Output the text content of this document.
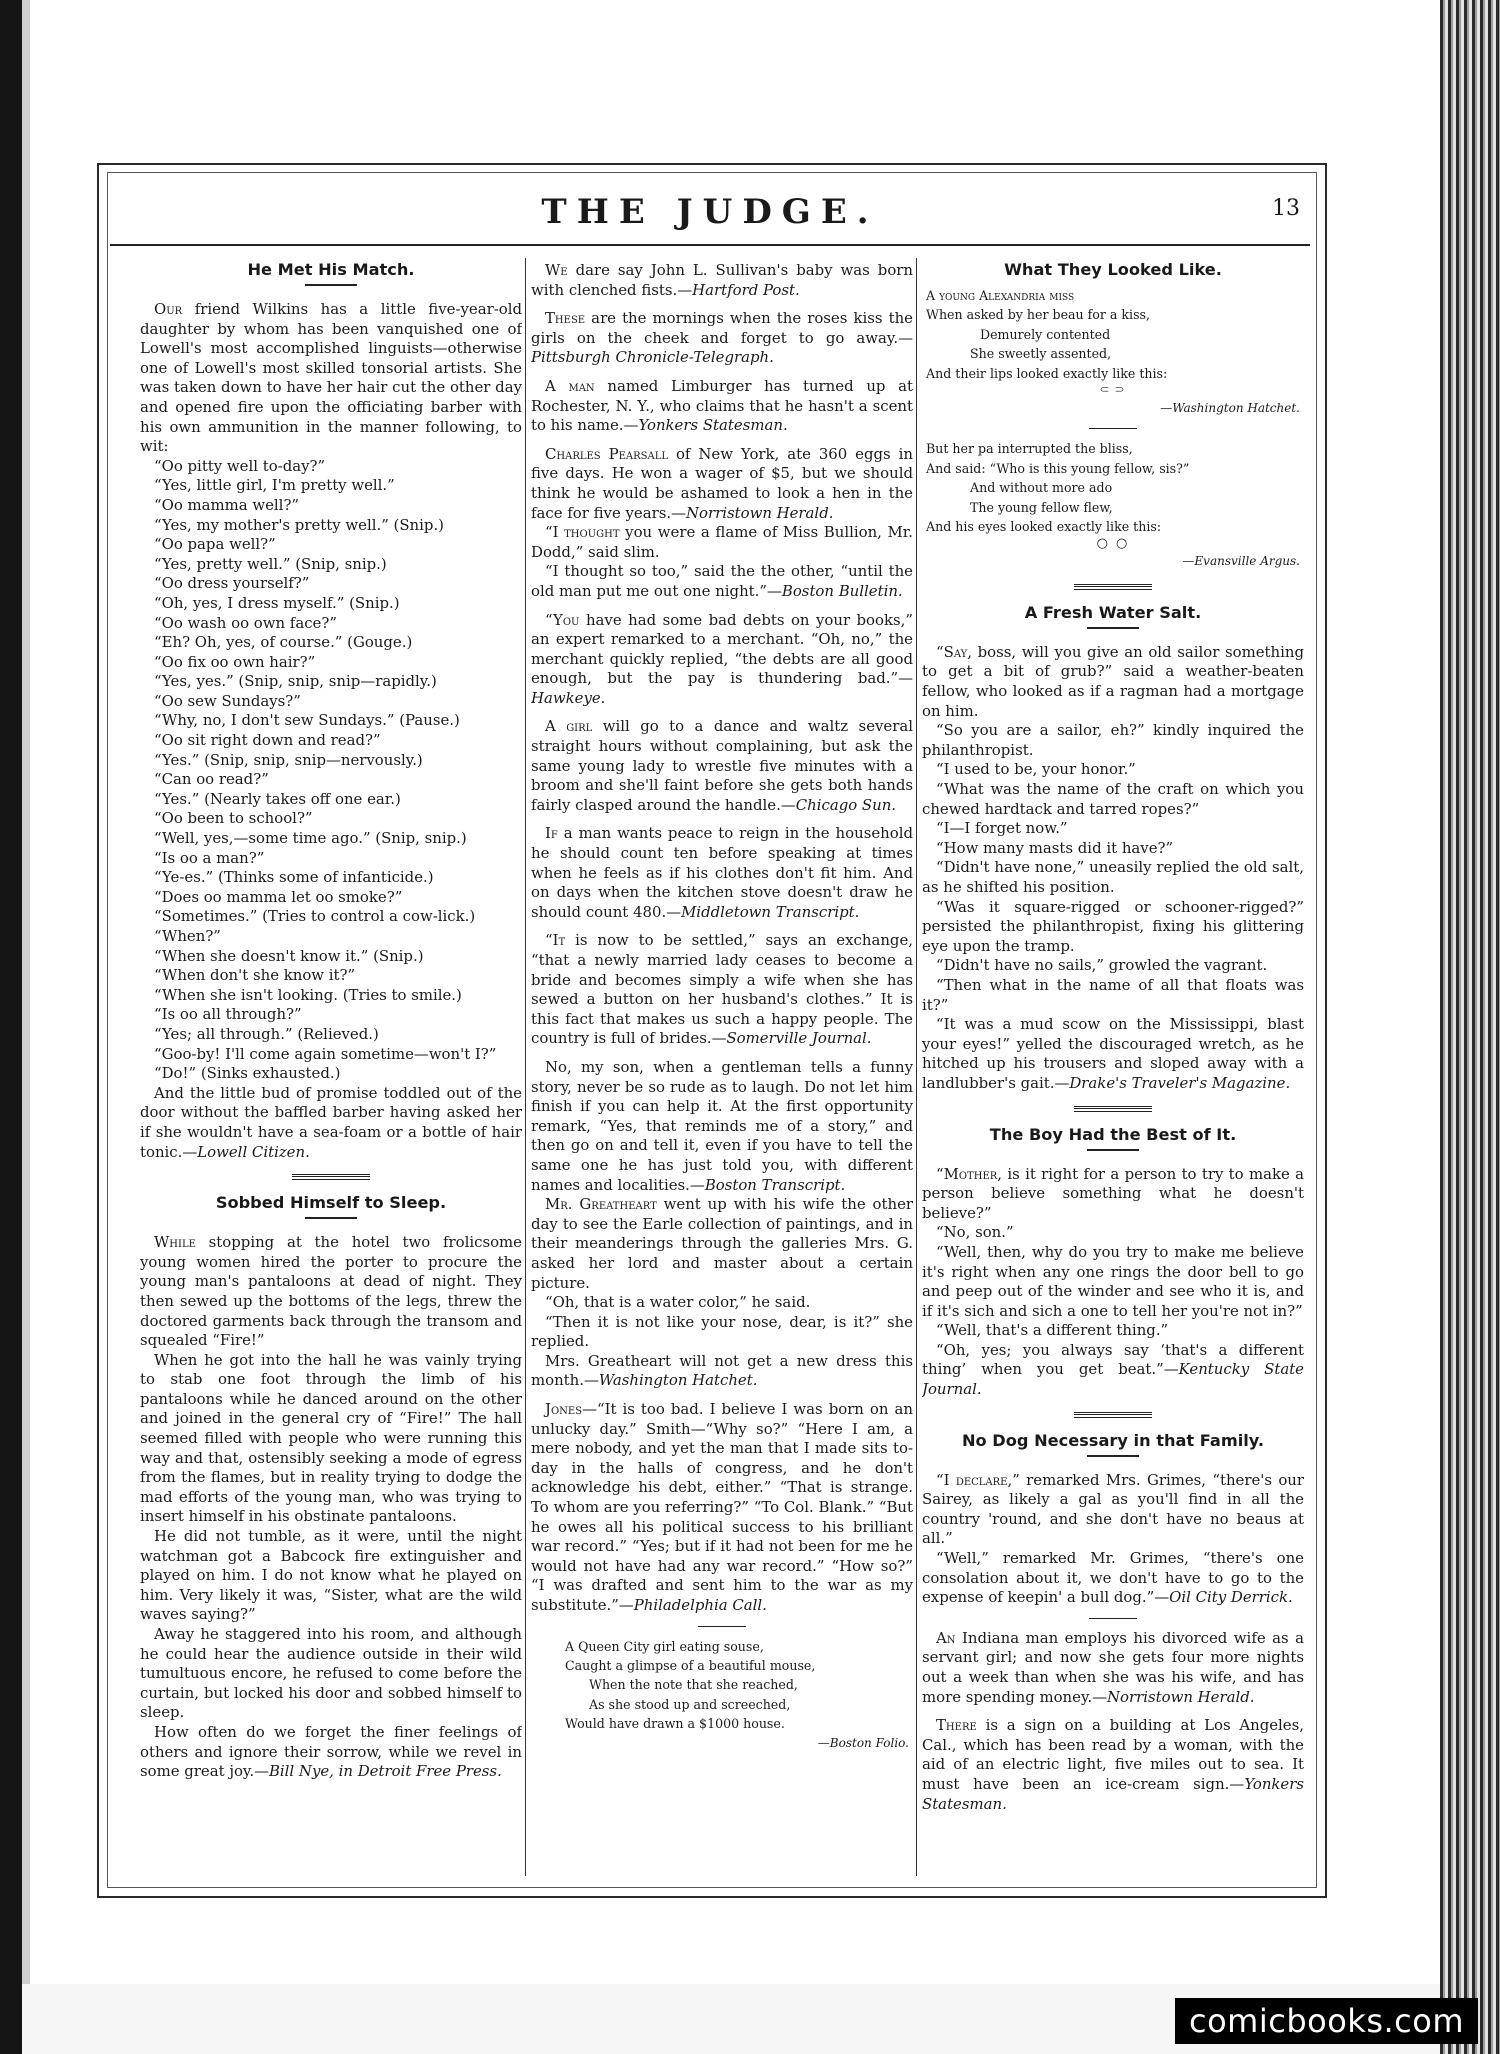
THE JUDGE.	13
He Met His Match.

Our friend Wilkins has a little five-year-old daughter by whom has been vanquished one of Lowell's most accomplished linguists—otherwise one of Lowell's most skilled tonsorial artists. She was taken down to have her hair cut the other day and opened fire upon the officiating barber with his own ammunition in the manner following, to wit:

“Oo pitty well to-day?”

“Yes, little girl, I'm pretty well.”

“Oo mamma well?”

“Yes, my mother's pretty well.” (Snip.)

“Oo papa well?”

“Yes, pretty well.” (Snip, snip.)

“Oo dress yourself?”

“Oh, yes, I dress myself.” (Snip.)

“Oo wash oo own face?”

“Eh? Oh, yes, of course.” (Gouge.)

“Oo fix oo own hair?”

“Yes, yes.” (Snip, snip, snip—rapidly.)

“Oo sew Sundays?”

“Why, no, I don't sew Sundays.” (Pause.)

“Oo sit right down and read?”

“Yes.” (Snip, snip, snip—nervously.)

“Can oo read?”

“Yes.” (Nearly takes off one ear.)

“Oo been to school?”

“Well, yes,—some time ago.” (Snip, snip.)

“Is oo a man?”

“Ye-es.” (Thinks some of infanticide.)

“Does oo mamma let oo smoke?”

“Sometimes.” (Tries to control a cow-lick.)

“When?”

“When she doesn't know it.” (Snip.)

“When don't she know it?”

“When she isn't looking. (Tries to smile.)

“Is oo all through?”

“Yes; all through.” (Relieved.)

“Goo-by! I'll come again sometime—won't I?”

“Do!” (Sinks exhausted.)

And the little bud of promise toddled out of the door without the baffled barber having asked her if she wouldn't have a sea-foam or a bottle of hair tonic.—Lowell Citizen.

Sobbed Himself to Sleep.

While stopping at the hotel two frolicsome young women hired the porter to procure the young man's pantaloons at dead of night. They then sewed up the bottoms of the legs, threw the doctored garments back through the transom and squealed “Fire!”

When he got into the hall he was vainly trying to stab one foot through the limb of his pantaloons while he danced around on the other and joined in the general cry of “Fire!” The hall seemed filled with people who were running this way and that, ostensibly seeking a mode of egress from the flames, but in reality trying to dodge the mad efforts of the young man, who was trying to insert himself in his obstinate pantaloons.

He did not tumble, as it were, until the night watchman got a Babcock fire extinguisher and played on him. I do not know what he played on him. Very likely it was, “Sister, what are the wild waves saying?”

Away he staggered into his room, and although he could hear the audience outside in their wild tumultuous encore, he refused to come before the curtain, but locked his door and sobbed himself to sleep.

How often do we forget the finer feelings of others and ignore their sorrow, while we revel in some great joy.—Bill Nye, in Detroit Free Press.

We dare say John L. Sullivan's baby was born with clenched fists.—Hartford Post.

These are the mornings when the roses kiss the girls on the cheek and forget to go away.—Pittsburgh Chronicle-Telegraph.

A man named Limburger has turned up at Rochester, N. Y., who claims that he hasn't a scent to his name.—Yonkers Statesman.

Charles Pearsall of New York, ate 360 eggs in five days. He won a wager of $5, but we should think he would be ashamed to look a hen in the face for five years.—Norristown Herald.

“I thought you were a flame of Miss Bullion, Mr. Dodd,” said slim.

“I thought so too,” said the the other, “until the old man put me out one night.”—Boston Bulletin.

“You have had some bad debts on your books,” an expert remarked to a merchant. “Oh, no,” the merchant quickly replied, “the debts are all good enough, but the pay is thundering bad.”—Hawkeye.

A girl will go to a dance and waltz several straight hours without complaining, but ask the same young lady to wrestle five minutes with a broom and she'll faint before she gets both hands fairly clasped around the handle.—Chicago Sun.

If a man wants peace to reign in the household he should count ten before speaking at times when he feels as if his clothes don't fit him. And on days when the kitchen stove doesn't draw he should count 480.—Middletown Transcript.

“It is now to be settled,” says an exchange, “that a newly married lady ceases to become a bride and becomes simply a wife when she has sewed a button on her husband's clothes.” It is this fact that makes us such a happy people. The country is full of brides.—Somerville Journal.

No, my son, when a gentleman tells a funny story, never be so rude as to laugh. Do not let him finish if you can help it. At the first opportunity remark, “Yes, that reminds me of a story,” and then go on and tell it, even if you have to tell the same one he has just told you, with different names and localities.—Boston Transcript.

Mr. Greatheart went up with his wife the other day to see the Earle collection of paintings, and in their meanderings through the galleries Mrs. G. asked her lord and master about a certain picture.

“Oh, that is a water color,” he said.

“Then it is not like your nose, dear, is it?” she replied.

Mrs. Greatheart will not get a new dress this month.—Washington Hatchet.

Jones—“It is too bad. I believe I was born on an unlucky day.” Smith—“Why so?” “Here I am, a mere nobody, and yet the man that I made sits to-day in the halls of congress, and he don't acknowledge his debt, either.” “That is strange. To whom are you referring?” “To Col. Blank.” “But he owes all his political success to his brilliant war record.” “Yes; but if it had not been for me he would not have had any war record.” “How so?” “I was drafted and sent him to the war as my substitute.”—Philadelphia Call.

A Queen City girl eating souse,
Caught a glimpse of a beautiful mouse,
When the note that she reached,
As she stood up and screeched,
Would have drawn a $1000 house.
—Boston Folio.
What They Looked Like.
A young Alexandria miss
When asked by her beau for a kiss,
Demurely contented
She sweetly assented,
And their lips looked exactly like this:
⸦⸧
—Washington Hatchet.
But her pa interrupted the bliss,
And said: “Who is this young fellow, sis?”
And without more ado
The young fellow flew,
And his eyes looked exactly like this:
○ ○
—Evansville Argus.
A Fresh Water Salt.

“Say, boss, will you give an old sailor something to get a bit of grub?” said a weather-beaten fellow, who looked as if a ragman had a mortgage on him.

“So you are a sailor, eh?” kindly inquired the philanthropist.

“I used to be, your honor.”

“What was the name of the craft on which you chewed hardtack and tarred ropes?”

“I—I forget now.”

“How many masts did it have?”

“Didn't have none,” uneasily replied the old salt, as he shifted his position.

“Was it square-rigged or schooner-rigged?” persisted the philanthropist, fixing his glittering eye upon the tramp.

“Didn't have no sails,” growled the vagrant.

“Then what in the name of all that floats was it?”

“It was a mud scow on the Mississippi, blast your eyes!” yelled the discouraged wretch, as he hitched up his trousers and sloped away with a landlubber's gait.—Drake's Traveler's Magazine.

The Boy Had the Best of It.

“Mother, is it right for a person to try to make a person believe something what he doesn't believe?”

“No, son.”

“Well, then, why do you try to make me believe it's right when any one rings the door bell to go and peep out of the winder and see who it is, and if it's sich and sich a one to tell her you're not in?”

“Well, that's a different thing.”

“Oh, yes; you always say ‘that's a different thing’ when you get beat.”—Kentucky State Journal.

No Dog Necessary in that Family.

“I declare,” remarked Mrs. Grimes, “there's our Sairey, as likely a gal as you'll find in all the country 'round, and she don't have no beaus at all.”

“Well,” remarked Mr. Grimes, “there's one consolation about it, we don't have to go to the expense of keepin' a bull dog.”—Oil City Derrick.

An Indiana man employs his divorced wife as a servant girl; and now she gets four more nights out a week than when she was his wife, and has more spending money.—Norristown Herald.

There is a sign on a building at Los Angeles, Cal., which has been read by a woman, with the aid of an electric light, five miles out to sea. It must have been an ice-cream sign.—Yonkers Statesman.

comicbooks.com
